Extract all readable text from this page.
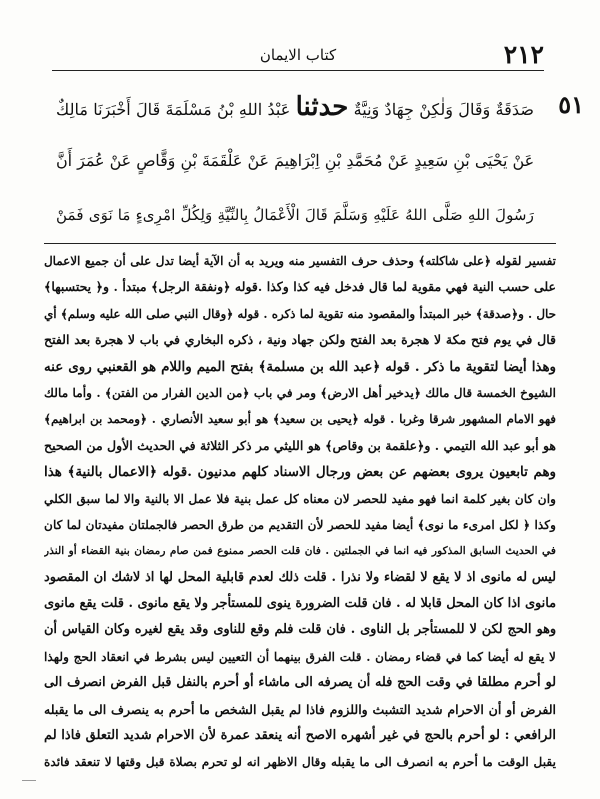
٢١٢
كتاب الايمان
٥١
صَدَقَةٌ وَقَالَ وَلٰكِنْ جِهَادٌ وَنِيَّةٌ حدثنا عَبْدُ اللهِ بْنُ مَسْلَمَةَ قَالَ أَخْبَرَنَا مَالِكٌ
عَنْ يَحْيَى بْنِ سَعِيدٍ عَنْ مُحَمَّدِ بْنِ اِبْرَاهِيمَ عَنْ عَلْقَمَةَ بْنِ وَقَّاصٍ عَنْ عُمَرَ أَنَّ
رَسُولَ اللهِ صَلَّى اللهُ عَلَيْهِ وَسَلَّمَ قَالَ الْأَعْمَالُ بِالنِّيَّةِ وَلِكُلِّ امْرِىءٍ مَا نَوَى فَمَنْ
تفسير لقوله ﴿على شاكلته﴾ وحذف حرف التفسير منه ويريد به أن الآية أيضا تدل على أن جميع الاعمال
على حسب النية فهي مقوية لما قال فدخل فيه كذا وكذا .قوله ﴿ونفقة الرجل﴾ مبتدأ . و﴿ يحتسبها﴾
حال . و﴿صدقة﴾ خبر المبتدأ والمقصود منه تقوية لما ذكره . قوله ﴿وقال النبي صلى الله عليه وسلم﴾ أي
قال في يوم فتح مكة لا هجرة بعد الفتح ولكن جهاد ونية ، ذكره البخاري في باب لا هجرة بعد الفتح
وهذا أيضا لتقوية ما ذكر . قوله ﴿عبد الله بن مسلمة﴾ بفتح الميم واللام هو القعنبي روى عنه
الشيوخ الخمسة قال مالك ﴿يدخير أهل الارض﴾ ومر في باب ﴿من الدين الفرار من الفتن﴾ . وأما مالك
فهو الامام المشهور شرقا وغربا . قوله ﴿يحيى بن سعيد﴾ هو أبو سعيد الأنصاري . ﴿ومحمد بن ابراهيم﴾
هو أبو عبد الله التيمي . و﴿علقمة بن وقاص﴾ هو الليثي مر ذكر الثلاثة في الحديث الأول من الصحيح
وهم تابعيون يروى بعضهم عن بعض ورجال الاسناد كلهم مدنيون .قوله ﴿الاعمال بالنية﴾ هذا
وان كان بغير كلمة انما فهو مفيد للحصر لان معناه كل عمل بنية فلا عمل الا بالنية والا لما سبق الكلي
وكذا ﴿ لكل امرىء ما نوى﴾ أيضا مفيد للحصر لأن التقديم من طرق الحصر فالجملتان مفيدتان لما كان
في الحديث السابق المذكور فيه انما في الجملتين . فان قلت الحصر ممنوع فمن صام رمضان بنية القضاء أو النذر
ليس له مانوى اذ لا يقع لا لقضاء ولا نذرا . قلت ذلك لعدم قابلية المحل لها اذ لاشك ان المقصود
مانوى اذا كان المحل قابلا له . فان قلت الضرورة ينوى للمستأجر ولا يقع مانوى . قلت يقع مانوى
وهو الحج لكن لا للمستأجر بل الناوى . فان قلت فلم وقع للناوى وقد يقع لغيره وكان القياس أن
لا يقع له أيضا كما في قضاء رمضان . قلت الفرق بينهما أن التعيين ليس بشرط في انعقاد الحج ولهذا
لو أحرم مطلقا في وقت الحج فله أن يصرفه الى ماشاء أو أحرم بالنفل قبل الفرض انصرف الى
الفرض أو أن الاحرام شديد التشبث واللزوم فاذا لم يقبل الشخص ما أحرم به ينصرف الى ما يقبله
الرافعي : لو أحرم بالحج في غير أشهره الاصح أنه ينعقد عمرة لأن الاحرام شديد التعلق فاذا لم
يقبل الوقت ما أحرم به انصرف الى ما يقبله وقال الاظهر انه لو تحرم بصلاة قبل وقتها لا تنعقد فائدة
